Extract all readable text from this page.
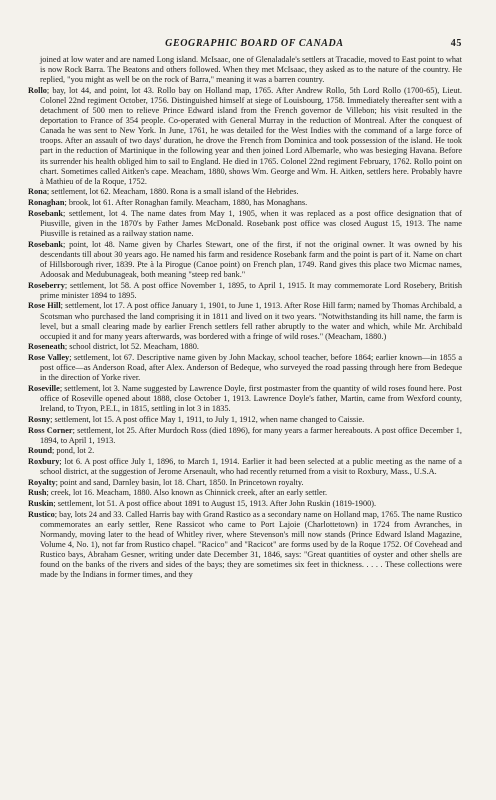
GEOGRAPHIC BOARD OF CANADA	45

joined at low water and are named Long island. McIsaac, one of Glenaladale's settlers at Tracadie, moved to East point to what is now Rock Barra. The Beatons and others followed. When they met McIsaac, they asked as to the nature of the country. He replied, "you might as well be on the rock of Barra," meaning it was a barren country.

Rollo; bay, lot 44, and point, lot 43. Rollo bay on Holland map, 1765. After Andrew Rollo, 5th Lord Rollo (1700-65), Lieut. Colonel 22nd regiment October, 1756. Distinguished himself at siege of Louisbourg, 1758. Immediately thereafter sent with a detachment of 500 men to relieve Prince Edward island from the French governor de Villebon; his visit resulted in the deportation to France of 354 people. Co-operated with General Murray in the reduction of Montreal. After the conquest of Canada he was sent to New York. In June, 1761, he was detailed for the West Indies with the command of a large force of troops. After an assault of two days' duration, he drove the French from Dominica and took possession of the island. He took part in the reduction of Martinique in the following year and then joined Lord Albemarle, who was besieging Havana. Before its surrender his health obliged him to sail to England. He died in 1765. Colonel 22nd regiment February, 1762. Rollo point on chart. Sometimes called Aitken's cape. Meacham, 1880, shows Wm. George and Wm. H. Aitken, settlers here. Probably havre à Mathieu of de la Roque, 1752.

Rona; settlement, lot 62. Meacham, 1880. Rona is a small island of the Hebrides.

Ronaghan; brook, lot 61. After Ronaghan family. Meacham, 1880, has Monaghans.

Rosebank; settlement, lot 4. The name dates from May 1, 1905, when it was replaced as a post office designation that of Piusville, given in the 1870's by Father James McDonald. Rosebank post office was closed August 15, 1913. The name Piusville is retained as a railway station name.

Rosebank; point, lot 48. Name given by Charles Stewart, one of the first, if not the original owner. It was owned by his descendants till about 30 years ago. He named his farm and residence Rosebank farm and the point is part of it. Name on chart of Hillsborough river, 1839. Pte à la Pirogue (Canoe point) on French plan, 1749. Rand gives this place two Micmac names, Adoosak and Medubunageak, both meaning "steep red bank."

Roseberry; settlement, lot 58. A post office November 1, 1895, to April 1, 1915. It may commemorate Lord Rosebery, British prime minister 1894 to 1895.

Rose Hill; settlement, lot 17. A post office January 1, 1901, to June 1, 1913. After Rose Hill farm; named by Thomas Archibald, a Scotsman who purchased the land comprising it in 1811 and lived on it two years. "Notwithstanding its hill name, the farm is level, but a small clearing made by earlier French settlers fell rather abruptly to the water and which, while Mr. Archibald occupied it and for many years afterwards, was bordered with a fringe of wild roses." (Meacham, 1880.)

Roseneath; school district, lot 52. Meacham, 1880.

Rose Valley; settlement, lot 67. Descriptive name given by John Mackay, school teacher, before 1864; earlier known—in 1855 a post office—as Anderson Road, after Alex. Anderson of Bedeque, who surveyed the road passing through here from Bedeque in the direction of Yorke river.

Roseville; settlement, lot 3. Name suggested by Lawrence Doyle, first postmaster from the quantity of wild roses found here. Post office of Roseville opened about 1888, close October 1, 1913. Lawrence Doyle's father, Martin, came from Wexford county, Ireland, to Tryon, P.E.I., in 1815, settling in lot 3 in 1835.

Rosny; settlement, lot 15. A post office May 1, 1911, to July 1, 1912, when name changed to Caissie.

Ross Corner; settlement, lot 25. After Murdoch Ross (died 1896), for many years a farmer hereabouts. A post office December 1, 1894, to April 1, 1913.

Round; pond, lot 2.

Roxbury; lot 6. A post office July 1, 1896, to March 1, 1914. Earlier it had been selected at a public meeting as the name of a school district, at the suggestion of Jerome Arsenault, who had recently returned from a visit to Roxbury, Mass., U.S.A.

Royalty; point and sand, Darnley basin, lot 18. Chart, 1850. In Princetown royalty.

Rush; creek, lot 16. Meacham, 1880. Also known as Chinnick creek, after an early settler.

Ruskin; settlement, lot 51. A post office about 1891 to August 15, 1913. After John Ruskin (1819-1900).

Rustico; bay, lots 24 and 33. Called Harris bay with Grand Rastico as a secondary name on Holland map, 1765. The name Rustico commemorates an early settler, Rene Rassicot who came to Port Lajoie (Charlottetown) in 1724 from Avranches, in Normandy, moving later to the head of Whitley river, where Stevenson's mill now stands (Prince Edward Island Magazine, Volume 4, No. 1), not far from Rustico chapel. "Racico" and "Racicot" are forms used by de la Roque 1752. Of Covehead and Rustico bays, Abraham Gesner, writing under date December 31, 1846, says: "Great quantities of oyster and other shells are found on the banks of the rivers and sides of the bays; they are sometimes six feet in thickness. . . . . These collections were made by the Indians in former times, and they
